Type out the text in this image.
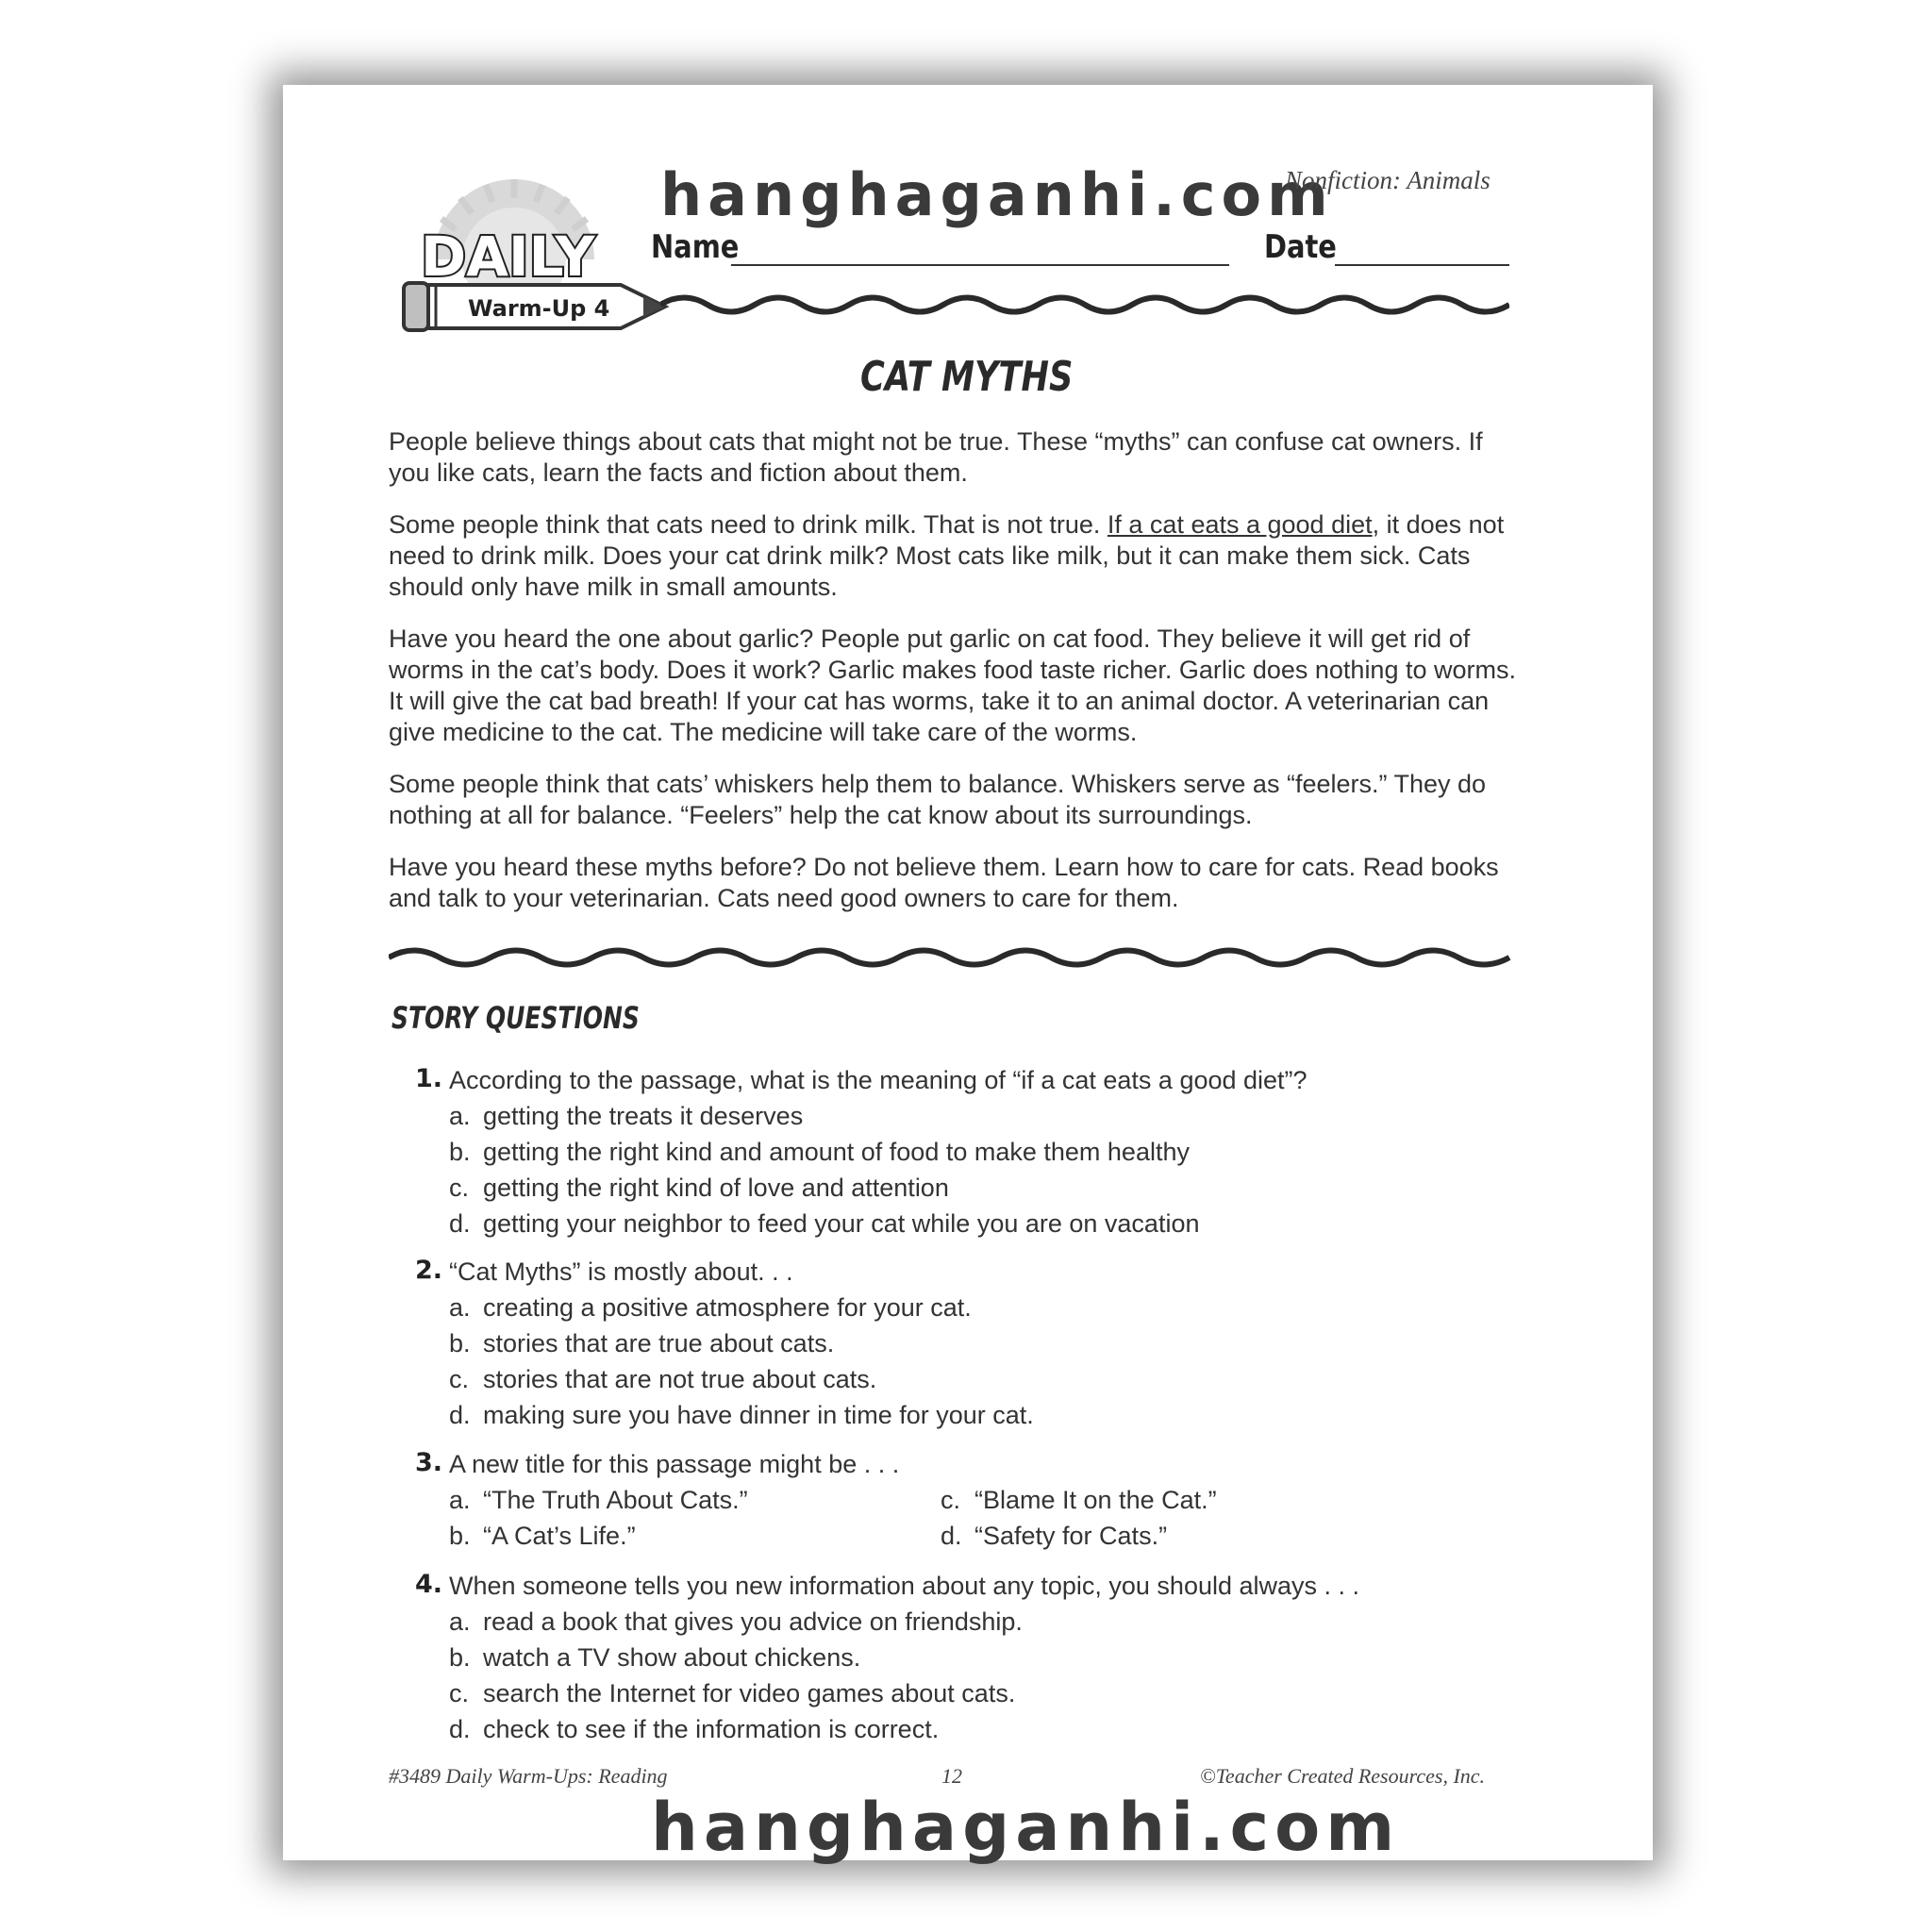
DAILY
Warm-Up 4
hanghaganhi.com
Nonfiction: Animals
Name	Date
CAT MYTHS

People believe things about cats that might not be true. These “myths” can confuse cat owners. If you like cats, learn the facts and fiction about them.

Some people think that cats need to drink milk. That is not true. If a cat eats a good diet, it does not need to drink milk. Does your cat drink milk? Most cats like milk, but it can make them sick. Cats should only have milk in small amounts.

Have you heard the one about garlic? People put garlic on cat food. They believe it will get rid of worms in the cat’s body. Does it work? Garlic makes food taste richer. Garlic does nothing to worms. It will give the cat bad breath! If your cat has worms, take it to an animal doctor. A veterinarian can give medicine to the cat. The medicine will take care of the worms.

Some people think that cats’ whiskers help them to balance. Whiskers serve as “feelers.” They do nothing at all for balance. “Feelers” help the cat know about its surroundings.

Have you heard these myths before? Do not believe them. Learn how to care for cats. Read books and talk to your veterinarian. Cats need good owners to care for them.

STORY QUESTIONS
1. According to the passage, what is the meaning of “if a cat eats a good diet”?
a. getting the treats it deserves
b. getting the right kind and amount of food to make them healthy
c. getting the right kind of love and attention
d. getting your neighbor to feed your cat while you are on vacation
2. “Cat Myths” is mostly about. . .
a. creating a positive atmosphere for your cat.
b. stories that are true about cats.
c. stories that are not true about cats.
d. making sure you have dinner in time for your cat.
3. A new title for this passage might be . . .
a. “The Truth About Cats.”
b. “A Cat’s Life.”
c. “Blame It on the Cat.”
d. “Safety for Cats.”
4. When someone tells you new information about any topic, you should always . . .
a. read a book that gives you advice on friendship.
b. watch a TV show about chickens.
c. search the Internet for video games about cats.
d. check to see if the information is correct.
#3489 Daily Warm-Ups: Reading	12	©Teacher Created Resources, Inc.
hanghaganhi.com
